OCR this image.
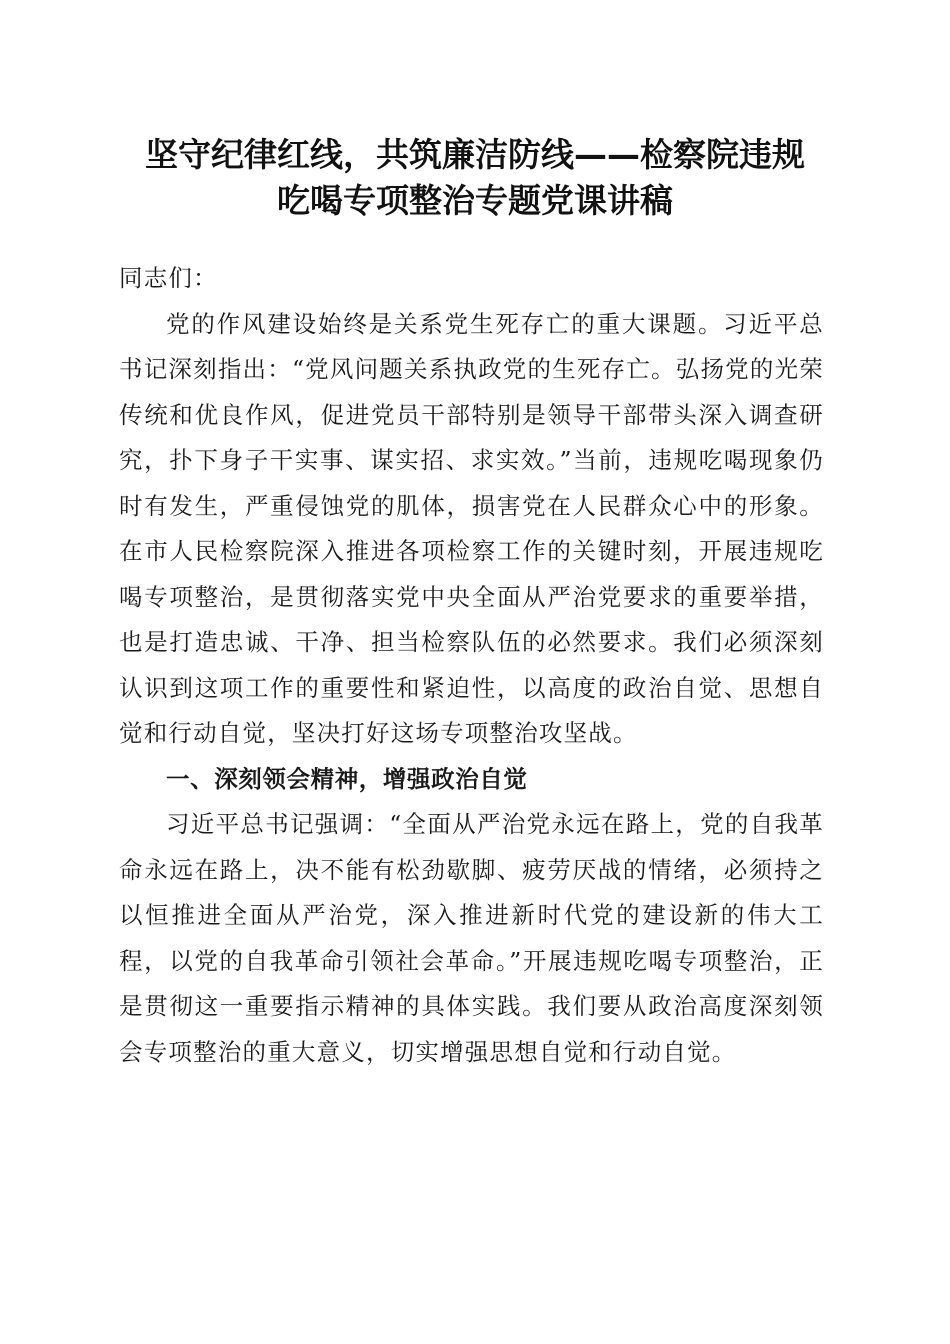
坚守纪律红线，共筑廉洁防线——检察院违规
吃喝专项整治专题党课讲稿

同志们：

党的作风建设始终是关系党生死存亡的重大课题。习近平总书记深刻指出：“党风问题关系执政党的生死存亡。弘扬党的光荣传统和优良作风，促进党员干部特别是领导干部带头深入调查研究，扑下身子干实事、谋实招、求实效。”当前，违规吃喝现象仍时有发生，严重侵蚀党的肌体，损害党在人民群众心中的形象。在市人民检察院深入推进各项检察工作的关键时刻，开展违规吃喝专项整治，是贯彻落实党中央全面从严治党要求的重要举措，也是打造忠诚、干净、担当检察队伍的必然要求。我们必须深刻认识到这项工作的重要性和紧迫性，以高度的政治自觉、思想自觉和行动自觉，坚决打好这场专项整治攻坚战。

一、深刻领会精神，增强政治自觉

习近平总书记强调：“全面从严治党永远在路上，党的自我革命永远在路上，决不能有松劲歇脚、疲劳厌战的情绪，必须持之以恒推进全面从严治党，深入推进新时代党的建设新的伟大工程，以党的自我革命引领社会革命。”开展违规吃喝专项整治，正是贯彻这一重要指示精神的具体实践。我们要从政治高度深刻领会专项整治的重大意义，切实增强思想自觉和行动自觉。
